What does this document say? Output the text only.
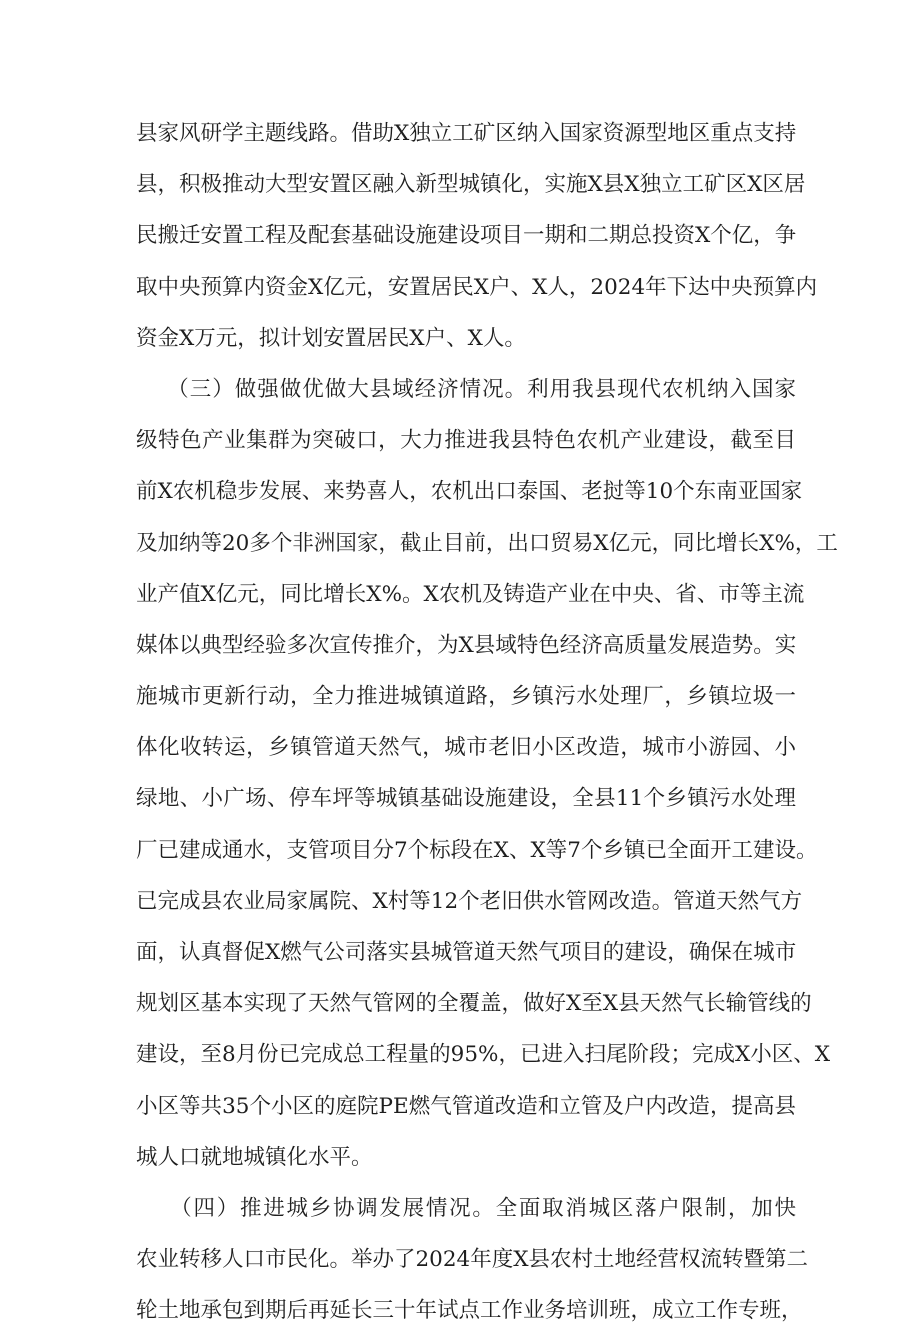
县家风研学主题线路。借助X独立工矿区纳入国家资源型地区重点支持
县，积极推动大型安置区融入新型城镇化，实施X县X独立工矿区X区居
民搬迁安置工程及配套基础设施建设项目一期和二期总投资X个亿，争
取中央预算内资金X亿元，安置居民X户、X人，2024年下达中央预算内
资金X万元，拟计划安置居民X户、X人。
（三）做强做优做大县域经济情况。利用我县现代农机纳入国家
级特色产业集群为突破口，大力推进我县特色农机产业建设，截至目
前X农机稳步发展、来势喜人，农机出口泰国、老挝等10个东南亚国家
及加纳等20多个非洲国家，截止目前，出口贸易X亿元，同比增长X%，工
业产值X亿元，同比增长X%。X农机及铸造产业在中央、省、市等主流
媒体以典型经验多次宣传推介，为X县域特色经济高质量发展造势。实
施城市更新行动，全力推进城镇道路，乡镇污水处理厂，乡镇垃圾一
体化收转运，乡镇管道天然气，城市老旧小区改造，城市小游园、小
绿地、小广场、停车坪等城镇基础设施建设，全县11个乡镇污水处理
厂已建成通水，支管项目分7个标段在X、X等7个乡镇已全面开工建设。
已完成县农业局家属院、X村等12个老旧供水管网改造。管道天然气方
面，认真督促X燃气公司落实县城管道天然气项目的建设，确保在城市
规划区基本实现了天然气管网的全覆盖，做好X至X县天然气长输管线的
建设，至8月份已完成总工程量的95%，已进入扫尾阶段；完成X小区、X
小区等共35个小区的庭院PE燃气管道改造和立管及户内改造，提高县
城人口就地城镇化水平。
（四）推进城乡协调发展情况。全面取消城区落户限制，加快
农业转移人口市民化。举办了2024年度X县农村土地经营权流转暨第二
轮土地承包到期后再延长三十年试点工作业务培训班，成立工作专班，
